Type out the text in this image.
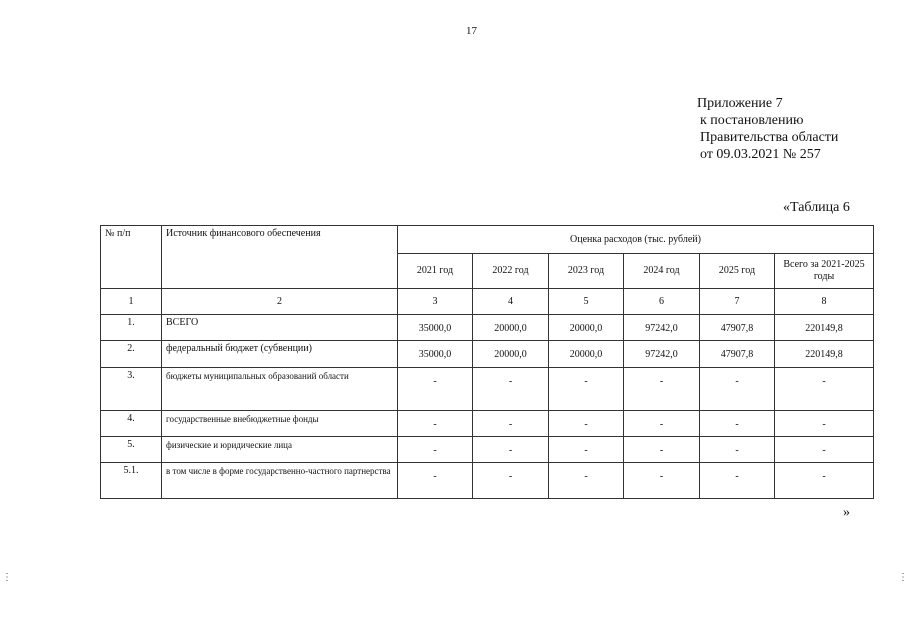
17
Приложение 7
к постановлению
Правительства области
от 09.03.2021 № 257
«Таблица 6
№ п/п	Источник финансового обеспечения	Оценка расходов (тыс. рублей)					
		2021 год	2022 год	2023 год	2024 год	2025 год	Всего за 2021-2025 годы
1	2	3	4	5	6	7	8
1.	ВСЕГО	35000,0	20000,0	20000,0	97242,0	47907,8	220149,8
2.	федеральный бюджет (субвенции)	35000,0	20000,0	20000,0	97242,0	47907,8	220149,8
3.	бюджеты муниципальных образований области	-	-	-	-	-	-
4.	государственные внебюджетные фонды	-	-	-	-	-	-
5.	физические и юридические лица	-	-	-	-	-	-
5.1.	в том числе в форме государственно-частного партнерства	-	-	-	-	-	-
»
⋮	⋮
